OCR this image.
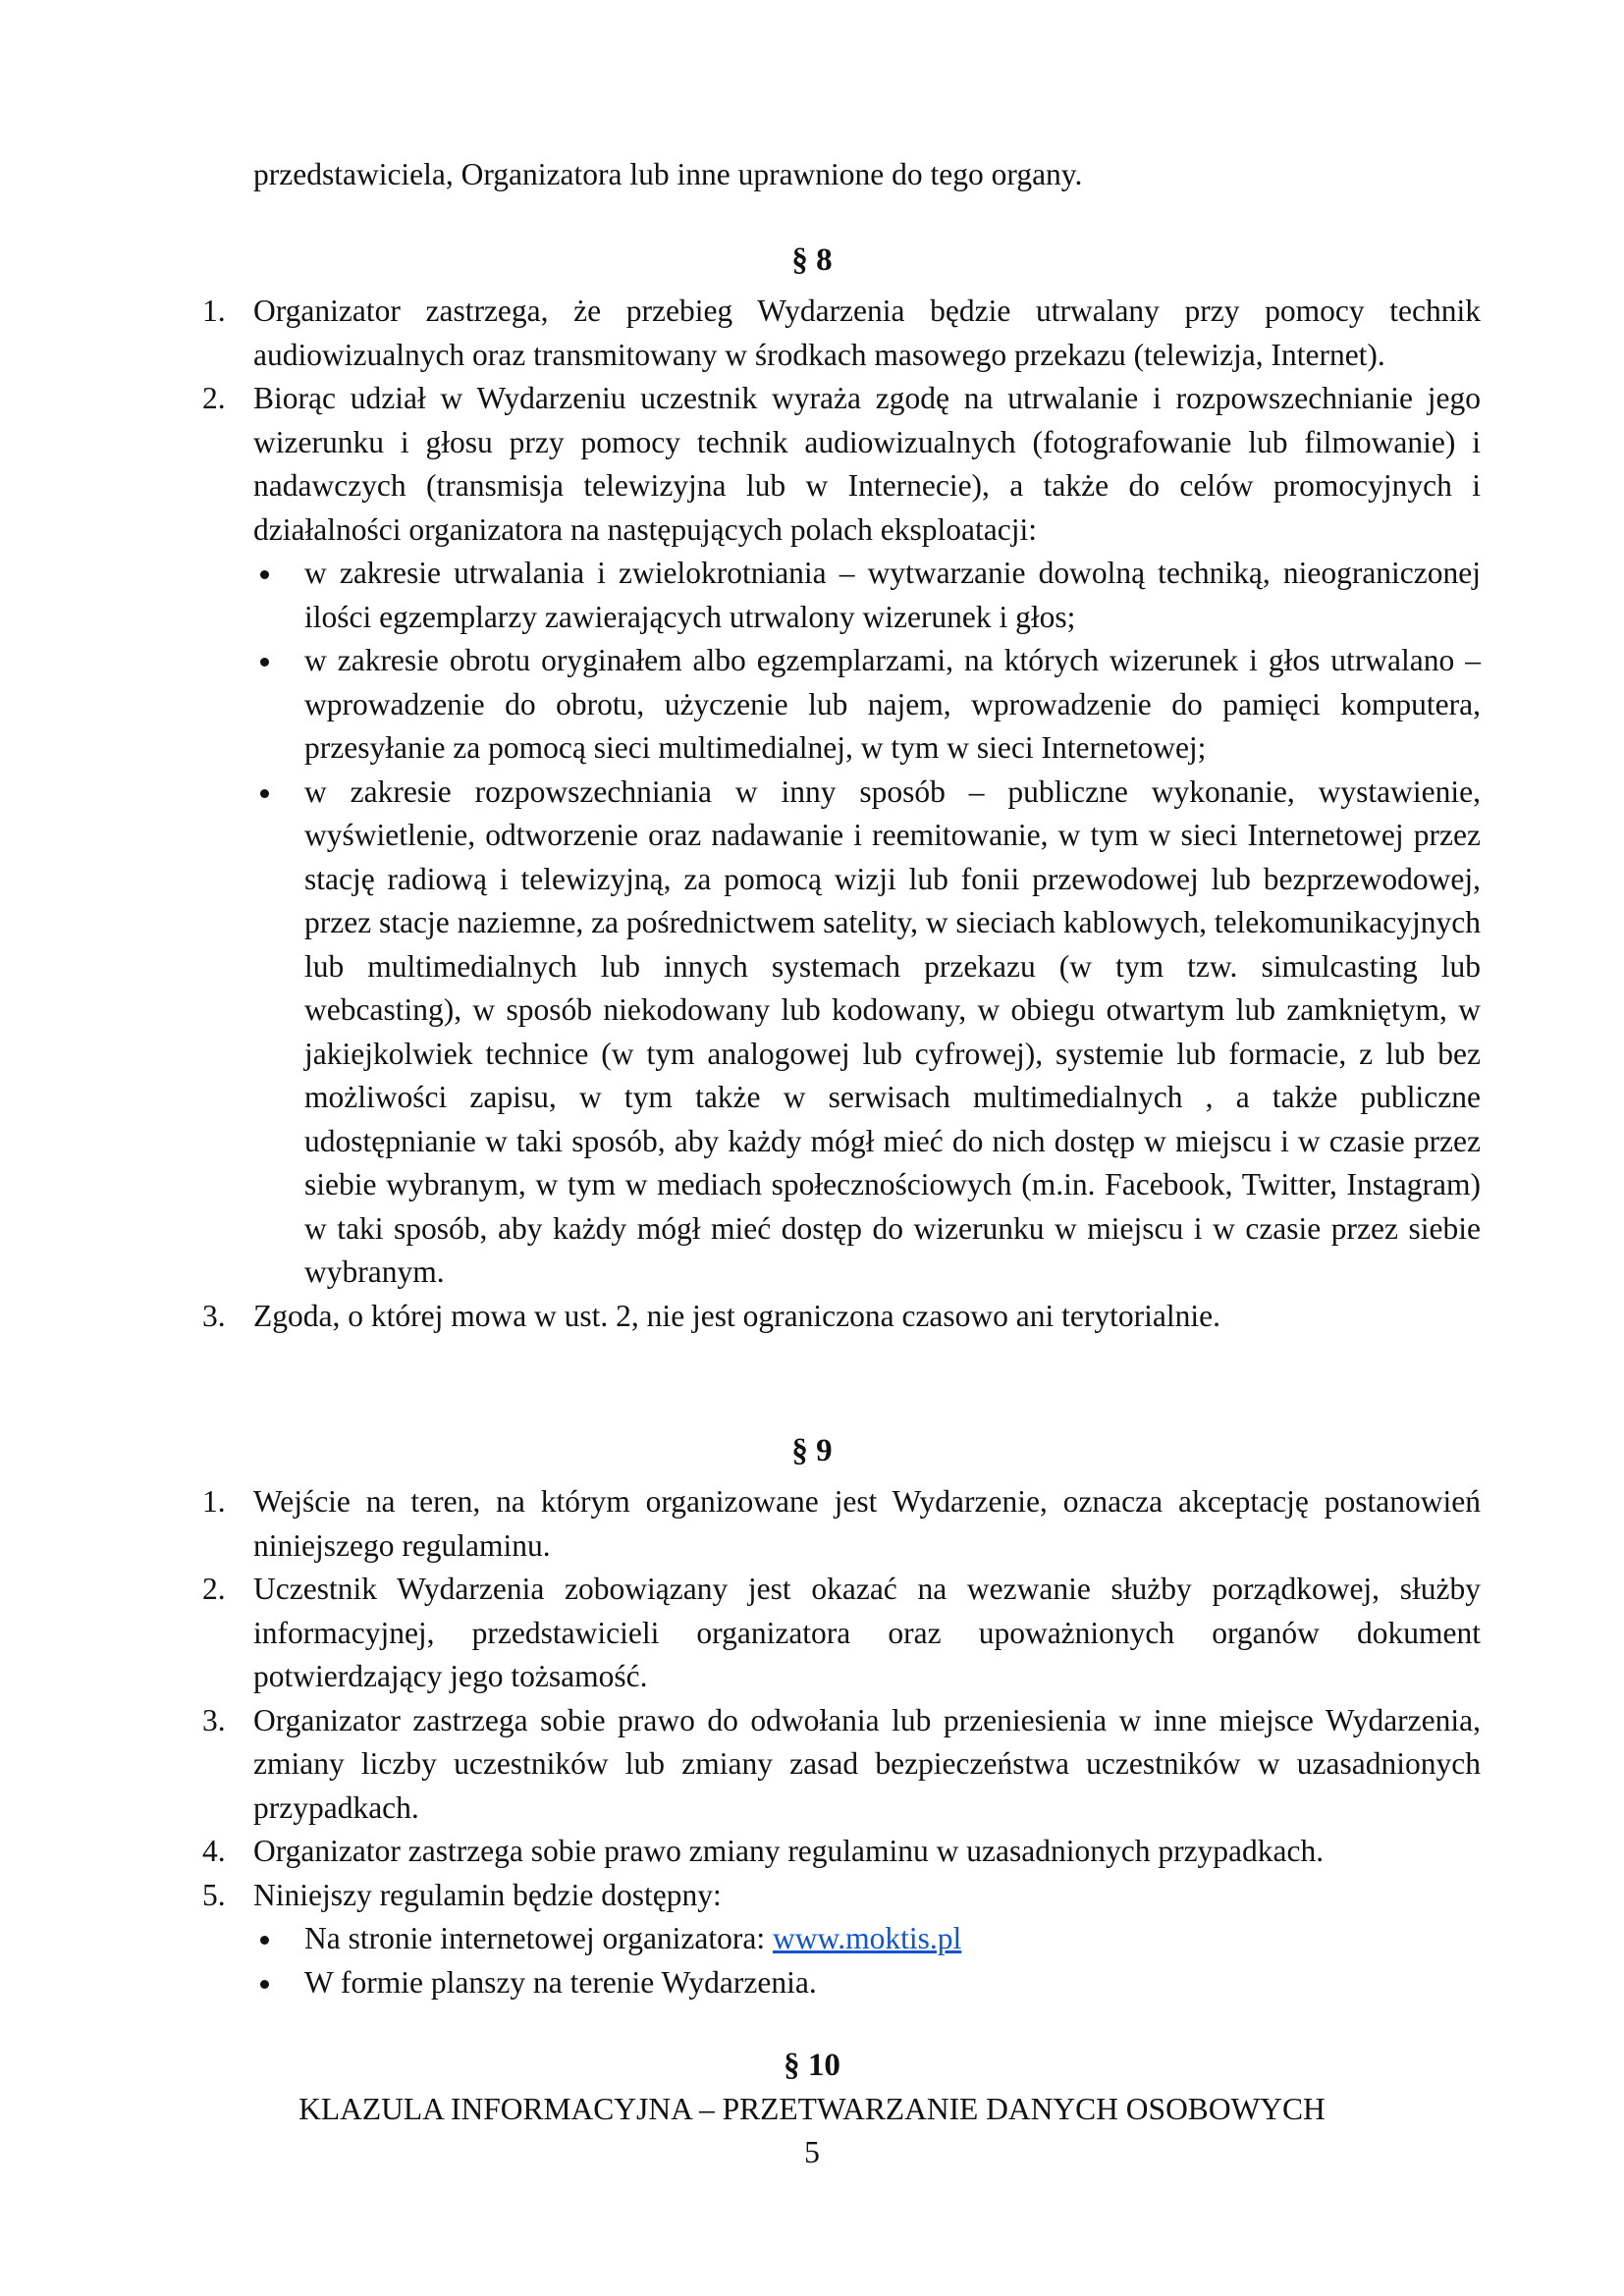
przedstawiciela, Organizatora lub inne uprawnione do tego organy.
§ 8
1. Organizator zastrzega, że przebieg Wydarzenia będzie utrwalany przy pomocy technik audiowizualnych oraz transmitowany w środkach masowego przekazu (telewizja, Internet).
2. Biorąc udział w Wydarzeniu uczestnik wyraża zgodę na utrwalanie i rozpowszechnianie jego wizerunku i głosu przy pomocy technik audiowizualnych (fotografowanie lub filmowanie) i nadawczych (transmisja telewizyjna lub w Internecie), a także do celów promocyjnych i działalności organizatora na następujących polach eksploatacji:
w zakresie utrwalania i zwielokrotniania – wytwarzanie dowolną techniką, nieograniczonej ilości egzemplarzy zawierających utrwalony wizerunek i głos;
w zakresie obrotu oryginałem albo egzemplarzami, na których wizerunek i głos utrwalano – wprowadzenie do obrotu, użyczenie lub najem, wprowadzenie do pamięci komputera, przesyłanie za pomocą sieci multimedialnej, w tym w sieci Internetowej;
w zakresie rozpowszechniania w inny sposób – publiczne wykonanie, wystawienie, wyświetlenie, odtworzenie oraz nadawanie i reemitowanie, w tym w sieci Internetowej przez stację radiową i telewizyjną, za pomocą wizji lub fonii przewodowej lub bezprzewodowej, przez stacje naziemne, za pośrednictwem satelity, w sieciach kablowych, telekomunikacyjnych lub multimedialnych lub innych systemach przekazu (w tym tzw. simulcasting lub webcasting), w sposób niekodowany lub kodowany, w obiegu otwartym lub zamkniętym, w jakiejkolwiek technice (w tym analogowej lub cyfrowej), systemie lub formacie, z lub bez możliwości zapisu, w tym także w serwisach multimedialnych , a także publiczne udostępnianie w taki sposób, aby każdy mógł mieć do nich dostęp w miejscu i w czasie przez siebie wybranym, w tym w mediach społecznościowych (m.in. Facebook, Twitter, Instagram) w taki sposób, aby każdy mógł mieć dostęp do wizerunku w miejscu i w czasie przez siebie wybranym.
3. Zgoda, o której mowa w ust. 2, nie jest ograniczona czasowo ani terytorialnie.
§ 9
1. Wejście na teren, na którym organizowane jest Wydarzenie, oznacza akceptację postanowień niniejszego regulaminu.
2. Uczestnik Wydarzenia zobowiązany jest okazać na wezwanie służby porządkowej, służby informacyjnej, przedstawicieli organizatora oraz upoważnionych organów dokument potwierdzający jego tożsamość.
3. Organizator zastrzega sobie prawo do odwołania lub przeniesienia w inne miejsce Wydarzenia, zmiany liczby uczestników lub zmiany zasad bezpieczeństwa uczestników w uzasadnionych przypadkach.
4. Organizator zastrzega sobie prawo zmiany regulaminu w uzasadnionych przypadkach.
5. Niniejszy regulamin będzie dostępny:
Na stronie internetowej organizatora: www.moktis.pl
W formie planszy na terenie Wydarzenia.
§ 10
KLAZULA INFORMACYJNA – PRZETWARZANIE DANYCH OSOBOWYCH
5
